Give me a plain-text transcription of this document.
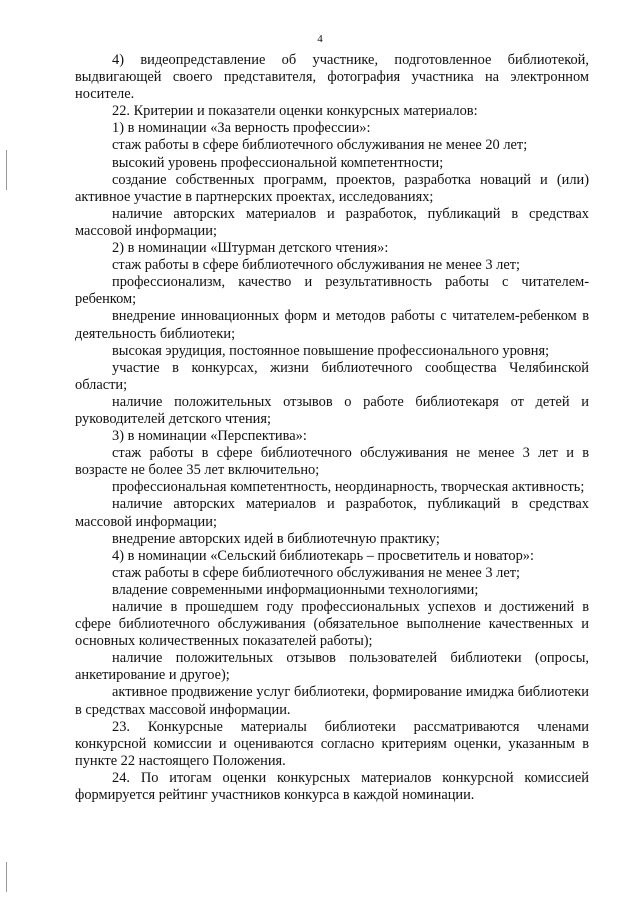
4

4) видеопредставление об участнике, подготовленное библиотекой, выдвигающей своего представителя, фотография участника на электронном носителе.

22. Критерии и показатели оценки конкурсных материалов:

1) в номинации «За верность профессии»:

стаж работы в сфере библиотечного обслуживания не менее 20 лет;

высокий уровень профессиональной компетентности;

создание собственных программ, проектов, разработка новаций и (или) активное участие в партнерских проектах, исследованиях;

наличие авторских материалов и разработок, публикаций в средствах массовой информации;

2) в номинации «Штурман детского чтения»:

стаж работы в сфере библиотечного обслуживания не менее 3 лет;

профессионализм, качество и результативность работы с читателем-ребенком;

внедрение инновационных форм и методов работы с читателем-ребенком в деятельность библиотеки;

высокая эрудиция, постоянное повышение профессионального уровня;

участие в конкурсах, жизни библиотечного сообщества Челябинской области;

наличие положительных отзывов о работе библиотекаря от детей и руководителей детского чтения;

3) в номинации «Перспектива»:

стаж работы в сфере библиотечного обслуживания не менее 3 лет и в возрасте не более 35 лет включительно;

профессиональная компетентность, неординарность, творческая активность;

наличие авторских материалов и разработок, публикаций в средствах массовой информации;

внедрение авторских идей в библиотечную практику;

4) в номинации «Сельский библиотекарь – просветитель и новатор»:

стаж работы в сфере библиотечного обслуживания не менее 3 лет;

владение современными информационными технологиями;

наличие в прошедшем году профессиональных успехов и достижений в сфере библиотечного обслуживания (обязательное выполнение качественных и основных количественных показателей работы);

наличие положительных отзывов пользователей библиотеки (опросы, анкетирование и другое);

активное продвижение услуг библиотеки, формирование имиджа библиотеки в средствах массовой информации.

23. Конкурсные материалы библиотеки рассматриваются членами конкурсной комиссии и оцениваются согласно критериям оценки, указанным в пункте 22 настоящего Положения.

24. По итогам оценки конкурсных материалов конкурсной комиссией формируется рейтинг участников конкурса в каждой номинации.
